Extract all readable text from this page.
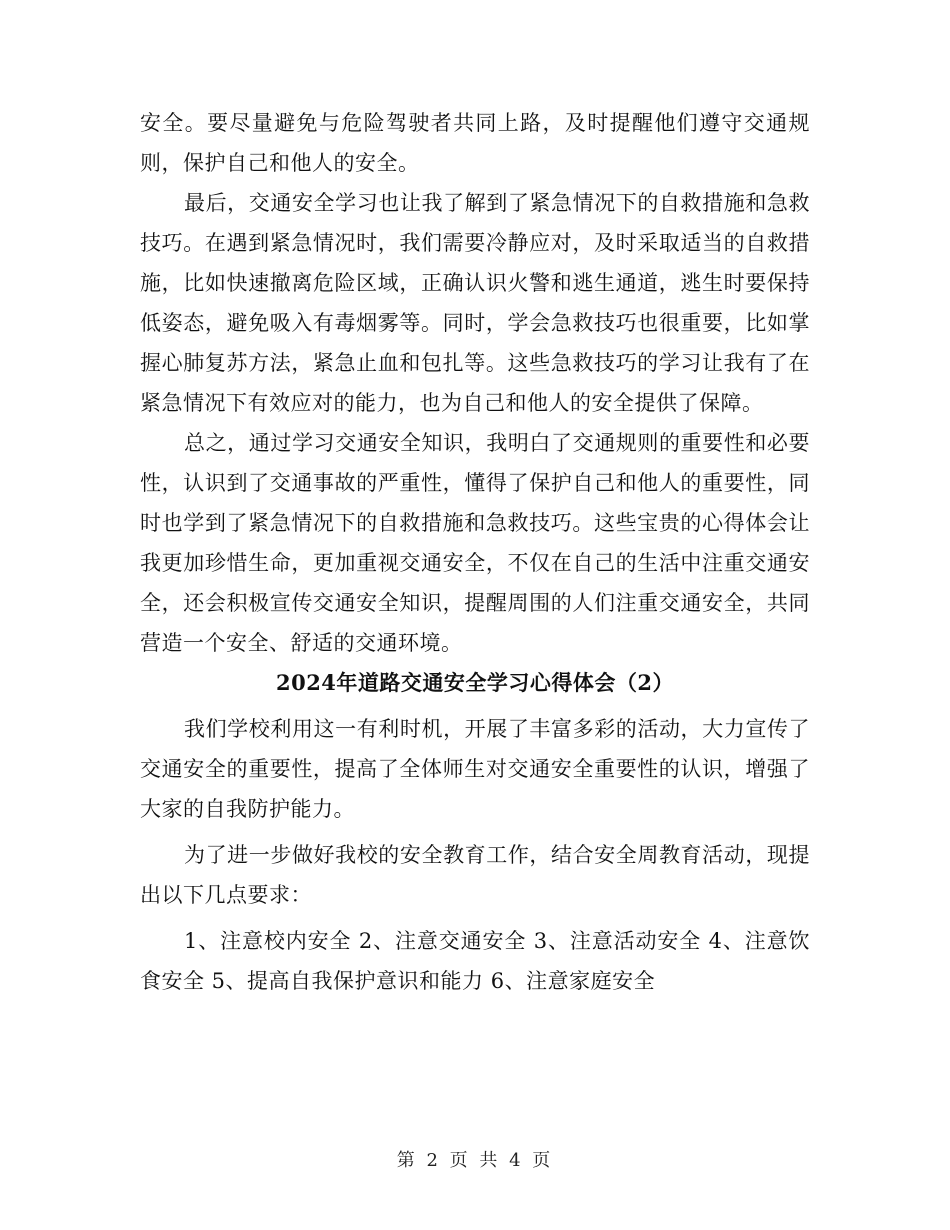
安全。要尽量避免与危险驾驶者共同上路，及时提醒他们遵守交通规则，保护自己和他人的安全。

最后，交通安全学习也让我了解到了紧急情况下的自救措施和急救技巧。在遇到紧急情况时，我们需要冷静应对，及时采取适当的自救措施，比如快速撤离危险区域，正确认识火警和逃生通道，逃生时要保持低姿态，避免吸入有毒烟雾等。同时，学会急救技巧也很重要，比如掌握心肺复苏方法，紧急止血和包扎等。这些急救技巧的学习让我有了在紧急情况下有效应对的能力，也为自己和他人的安全提供了保障。

总之，通过学习交通安全知识，我明白了交通规则的重要性和必要性，认识到了交通事故的严重性，懂得了保护自己和他人的重要性，同时也学到了紧急情况下的自救措施和急救技巧。这些宝贵的心得体会让我更加珍惜生命，更加重视交通安全，不仅在自己的生活中注重交通安全，还会积极宣传交通安全知识，提醒周围的人们注重交通安全，共同营造一个安全、舒适的交通环境。

2024年道路交通安全学习心得体会（2）

我们学校利用这一有利时机，开展了丰富多彩的活动，大力宣传了交通安全的重要性，提高了全体师生对交通安全重要性的认识，增强了大家的自我防护能力。

为了进一步做好我校的安全教育工作，结合安全周教育活动，现提出以下几点要求：

1、注意校内安全 2、注意交通安全 3、注意活动安全 4、注意饮食安全 5、提高自我保护意识和能力 6、注意家庭安全

第 2 页 共 4 页
